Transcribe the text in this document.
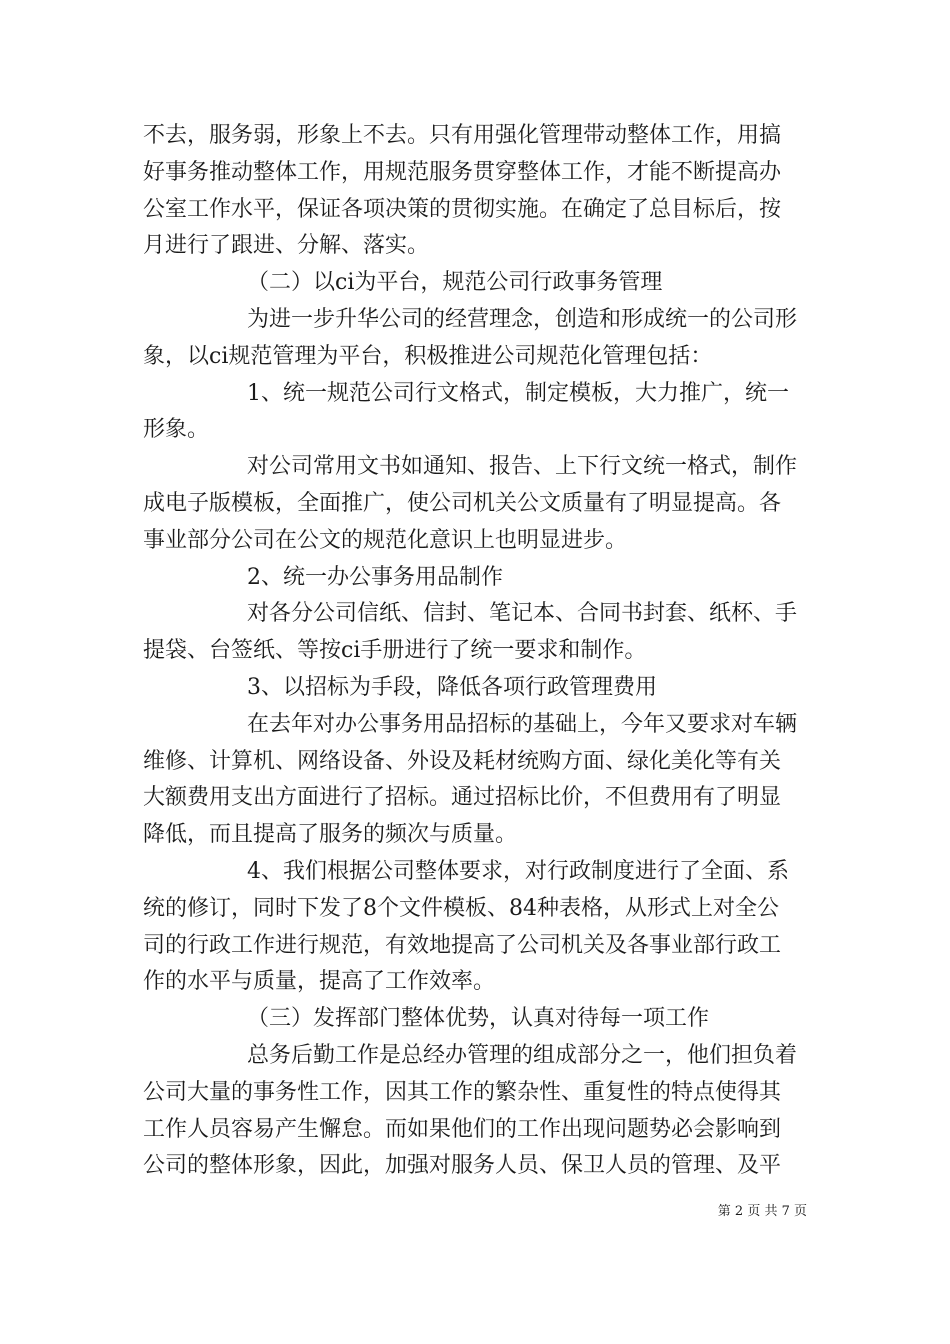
不去，服务弱，形象上不去。只有用强化管理带动整体工作，用搞
好事务推动整体工作，用规范服务贯穿整体工作，才能不断提高办
公室工作水平，保证各项决策的贯彻实施。在确定了总目标后，按
月进行了跟进、分解、落实。
（二）以ci为平台，规范公司行政事务管理
为进一步升华公司的经营理念，创造和形成统一的公司形
象，以ci规范管理为平台，积极推进公司规范化管理包括：
1、统一规范公司行文格式，制定模板，大力推广，统一
形象。
对公司常用文书如通知、报告、上下行文统一格式，制作
成电子版模板，全面推广，使公司机关公文质量有了明显提高。各
事业部分公司在公文的规范化意识上也明显进步。
2、统一办公事务用品制作
对各分公司信纸、信封、笔记本、合同书封套、纸杯、手
提袋、台签纸、等按ci手册进行了统一要求和制作。
3、以招标为手段，降低各项行政管理费用
在去年对办公事务用品招标的基础上，今年又要求对车辆
维修、计算机、网络设备、外设及耗材统购方面、绿化美化等有关
大额费用支出方面进行了招标。通过招标比价，不但费用有了明显
降低，而且提高了服务的频次与质量。
4、我们根据公司整体要求，对行政制度进行了全面、系
统的修订，同时下发了8个文件模板、84种表格，从形式上对全公
司的行政工作进行规范，有效地提高了公司机关及各事业部行政工
作的水平与质量，提高了工作效率。
（三）发挥部门整体优势，认真对待每一项工作
总务后勤工作是总经办管理的组成部分之一，他们担负着
公司大量的事务性工作，因其工作的繁杂性、重复性的特点使得其
工作人员容易产生懈怠。而如果他们的工作出现问题势必会影响到
公司的整体形象，因此，加强对服务人员、保卫人员的管理、及平
第 2 页 共 7 页
